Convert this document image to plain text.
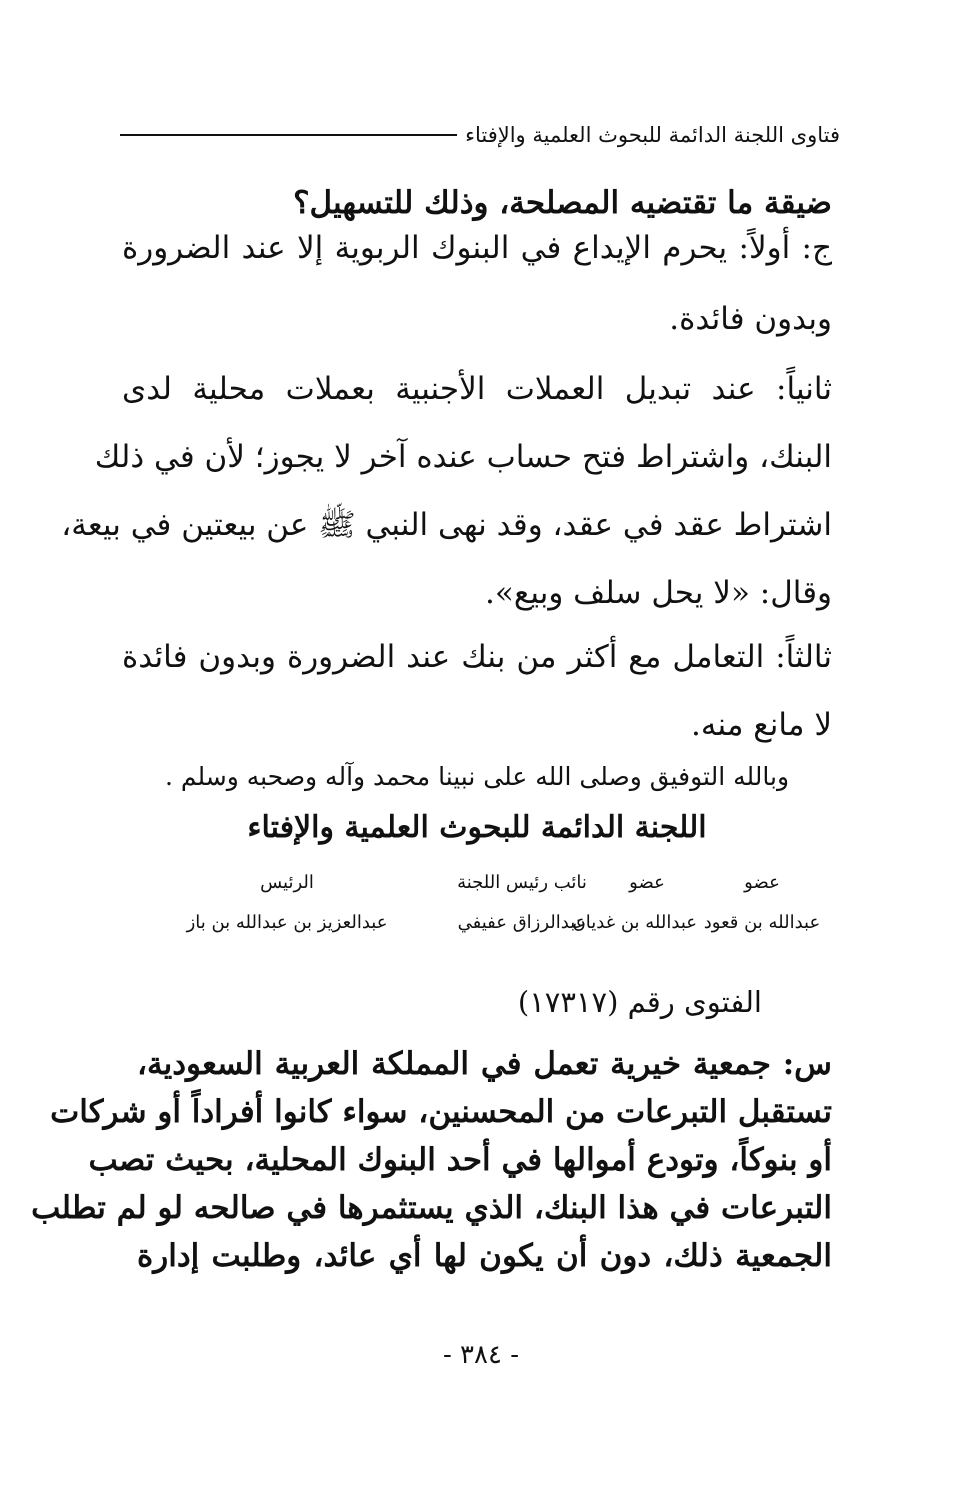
فتاوى اللجنة الدائمة للبحوث العلمية والإفتاء
ضيقة ما تقتضيه المصلحة، وذلك للتسهيل؟
ج: أولاً: يحرم الإيداع في البنوك الربوية إلا عند الضرورة
وبدون فائدة.
ثانياً: عند تبديل العملات الأجنبية بعملات محلية لدى
البنك، واشتراط فتح حساب عنده آخر لا يجوز؛ لأن في ذلك
اشتراط عقد في عقد، وقد نهى النبي ﷺ عن بيعتين في بيعة،
وقال: «لا يحل سلف وبيع».
ثالثاً: التعامل مع أكثر من بنك عند الضرورة وبدون فائدة
لا مانع منه.
وبالله التوفيق وصلى الله على نبينا محمد وآله وصحبه وسلم .
اللجنة الدائمة للبحوث العلمية والإفتاء
عضو
عضو
نائب رئيس اللجنة
الرئيس
عبدالله بن قعود
عبدالله بن غديان
عبدالرزاق عفيفي
عبدالعزيز بن عبدالله بن باز
الفتوى رقم (١٧٣١٧)
س: جمعية خيرية تعمل في المملكة العربية السعودية،
تستقبل التبرعات من المحسنين، سواء كانوا أفراداً أو شركات
أو بنوكاً، وتودع أموالها في أحد البنوك المحلية، بحيث تصب
التبرعات في هذا البنك، الذي يستثمرها في صالحه لو لم تطلب
الجمعية ذلك، دون أن يكون لها أي عائد، وطلبت إدارة
- ٣٨٤ -
